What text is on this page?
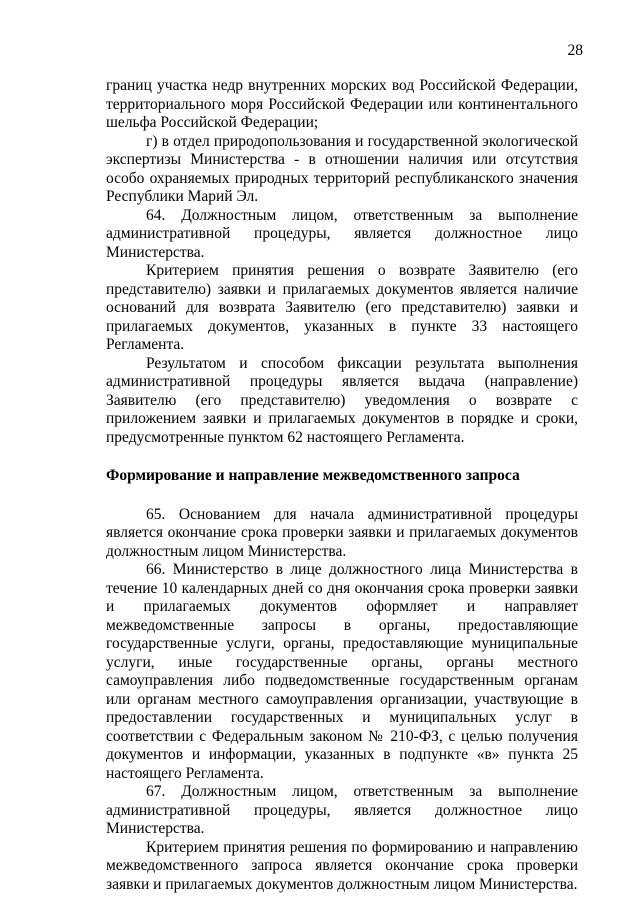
28

границ участка недр внутренних морских вод Российской Федерации, территориального моря Российской Федерации или континентального шельфа Российской Федерации;

г) в отдел природопользования и государственной экологической экспертизы Министерства - в отношении наличия или отсутствия особо охраняемых природных территорий республиканского значения Республики Марий Эл.

64. Должностным лицом, ответственным за выполнение административной процедуры, является должностное лицо Министерства.

Критерием принятия решения о возврате Заявителю (его представителю) заявки и прилагаемых документов является наличие оснований для возврата Заявителю (его представителю) заявки и прилагаемых документов, указанных в пункте 33 настоящего Регламента.

Результатом и способом фиксации результата выполнения административной процедуры является выдача (направление) Заявителю (его представителю) уведомления о возврате с приложением заявки и прилагаемых документов в порядке и сроки, предусмотренные пунктом 62 настоящего Регламента.

Формирование и направление межведомственного запроса

65. Основанием для начала административной процедуры является окончание срока проверки заявки и прилагаемых документов должностным лицом Министерства.

66. Министерство в лице должностного лица Министерства в течение 10 календарных дней со дня окончания срока проверки заявки и прилагаемых документов оформляет и направляет межведомственные запросы в органы, предоставляющие государственные услуги, органы, предоставляющие муниципальные услуги, иные государственные органы, органы местного самоуправления либо подведомственные государственным органам или органам местного самоуправления организации, участвующие в предоставлении государственных и муниципальных услуг в соответствии с Федеральным законом № 210-ФЗ, с целью получения документов и информации, указанных в подпункте «в» пункта 25 настоящего Регламента.

67. Должностным лицом, ответственным за выполнение административной процедуры, является должностное лицо Министерства.

Критерием принятия решения по формированию и направлению межведомственного запроса является окончание срока проверки заявки и прилагаемых документов должностным лицом Министерства.
